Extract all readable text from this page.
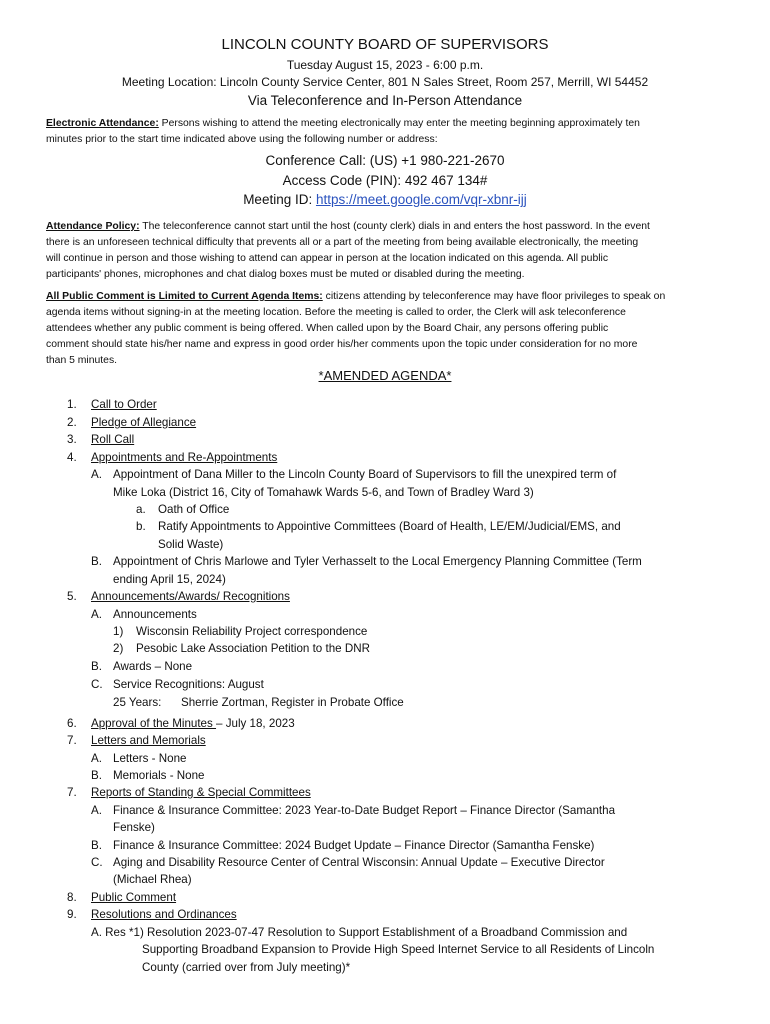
LINCOLN COUNTY BOARD OF SUPERVISORS
Tuesday August 15, 2023 - 6:00 p.m.
Meeting Location: Lincoln County Service Center, 801 N Sales Street, Room 257, Merrill, WI 54452
Via Teleconference and In-Person Attendance
Electronic Attendance: Persons wishing to attend the meeting electronically may enter the meeting beginning approximately ten
minutes prior to the start time indicated above using the following number or address:
Conference Call: (US) +1 980-221-2670
Access Code (PIN): 492 467 134#
Meeting ID: https://meet.google.com/vqr-xbnr-ijj
Attendance Policy: The teleconference cannot start until the host (county clerk) dials in and enters the host password. In the event
there is an unforeseen technical difficulty that prevents all or a part of the meeting from being available electronically, the meeting
will continue in person and those wishing to attend can appear in person at the location indicated on this agenda. All public
participants' phones, microphones and chat dialog boxes must be muted or disabled during the meeting.
All Public Comment is Limited to Current Agenda Items: citizens attending by teleconference may have floor privileges to speak on
agenda items without signing-in at the meeting location. Before the meeting is called to order, the Clerk will ask teleconference
attendees whether any public comment is being offered. When called upon by the Board Chair, any persons offering public
comment should state his/her name and express in good order his/her comments upon the topic under consideration for no more
than 5 minutes.
*AMENDED AGENDA*
1. Call to Order
2. Pledge of Allegiance
3. Roll Call
4. Appointments and Re-Appointments
A. Appointment of Dana Miller to the Lincoln County Board of Supervisors to fill the unexpired term of
Mike Loka (District 16, City of Tomahawk Wards 5-6, and Town of Bradley Ward 3)
a. Oath of Office
b. Ratify Appointments to Appointive Committees (Board of Health, LE/EM/Judicial/EMS, and
Solid Waste)
B. Appointment of Chris Marlowe and Tyler Verhasselt to the Local Emergency Planning Committee (Term
ending April 15, 2024)
5. Announcements/Awards/ Recognitions
A. Announcements
1) Wisconsin Reliability Project correspondence
2) Pesobic Lake Association Petition to the DNR
B. Awards – None
C. Service Recognitions: August
25 Years: Sherrie Zortman, Register in Probate Office
6. Approval of the Minutes – July 18, 2023
7. Letters and Memorials
A. Letters - None
B. Memorials - None
7. Reports of Standing & Special Committees
A. Finance & Insurance Committee: 2023 Year-to-Date Budget Report – Finance Director (Samantha
Fenske)
B. Finance & Insurance Committee: 2024 Budget Update – Finance Director (Samantha Fenske)
C. Aging and Disability Resource Center of Central Wisconsin: Annual Update – Executive Director
(Michael Rhea)
8. Public Comment
9. Resolutions and Ordinances
A. Res *1) Resolution 2023-07-47 Resolution to Support Establishment of a Broadband Commission and
Supporting Broadband Expansion to Provide High Speed Internet Service to all Residents of Lincoln
County (carried over from July meeting)*
